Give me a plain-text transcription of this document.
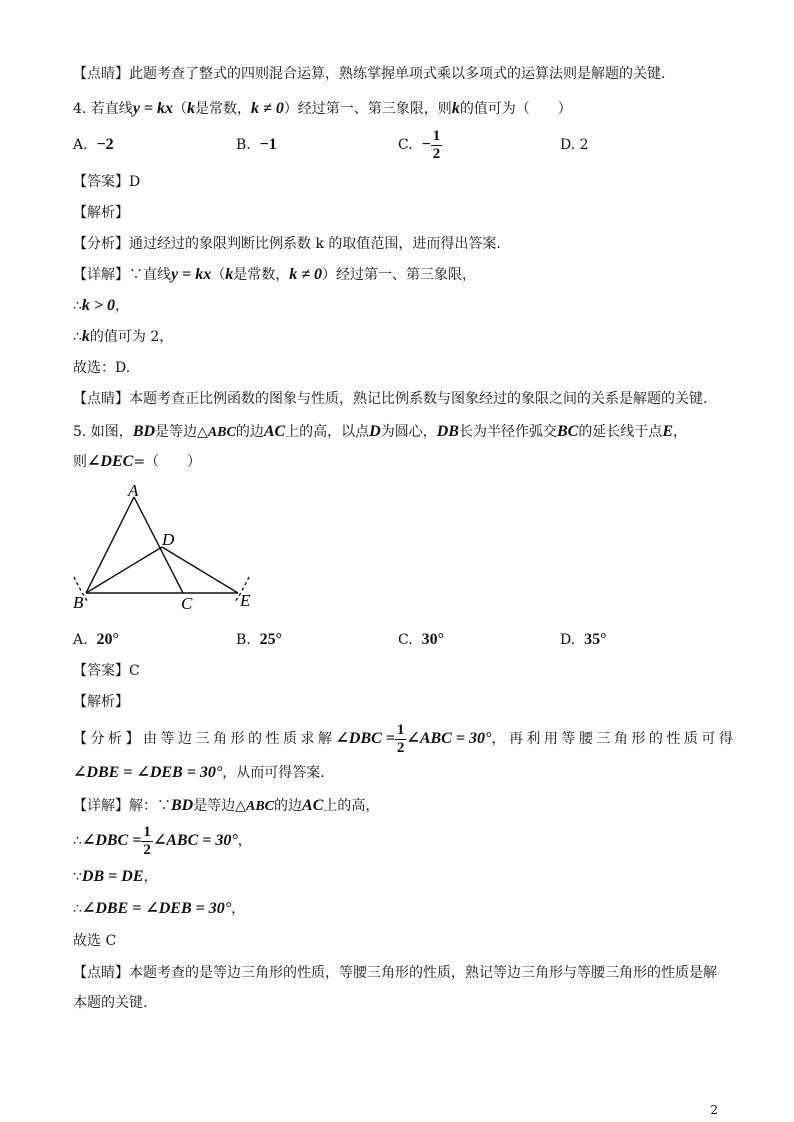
【点睛】此题考查了整式的四则混合运算，熟练掌握单项式乘以多项式的运算法则是解题的关键.
4. 若直线y = kx（k是常数，k ≠ 0）经过第一、第三象限，则k的值可为（　　）
A. −2	B. −1	C. − $\frac{1}{2}$	D. 2
【答案】D
【解析】
【分析】通过经过的象限判断比例系数 k 的取值范围，进而得出答案.
【详解】∵直线y = kx（k是常数，k ≠ 0）经过第一、第三象限，
∴k > 0，
∴k的值可为 2，
故选：D.
【点睛】本题考查正比例函数的图象与性质，熟记比例系数与图象经过的象限之间的关系是解题的关键.
5. 如图，BD是等边△ABC的边AC上的高，以点D为圆心，DB长为半径作弧交BC的延长线于点E，
则∠DEC=（　　）
A
B	C
D
E
A. 20°	B. 25°	C. 30°	D. 35°
【答案】C
【解析】
【分析】由等边三角形的性质求解∠DBC = $\frac{1}{2}$ ∠ABC = 30°，再利用等腰三角形的性质可得
∠DBE = ∠DEB = 30°，从而可得答案.
【详解】解：∵BD是等边△ABC的边AC上的高，
∴∠DBC = $\frac{1}{2}$ ∠ABC = 30°，
∵DB = DE，
∴∠DBE = ∠DEB = 30°，
故选 C
【点睛】本题考查的是等边三角形的性质，等腰三角形的性质，熟记等边三角形与等腰三角形的性质是解
本题的关键.
2
